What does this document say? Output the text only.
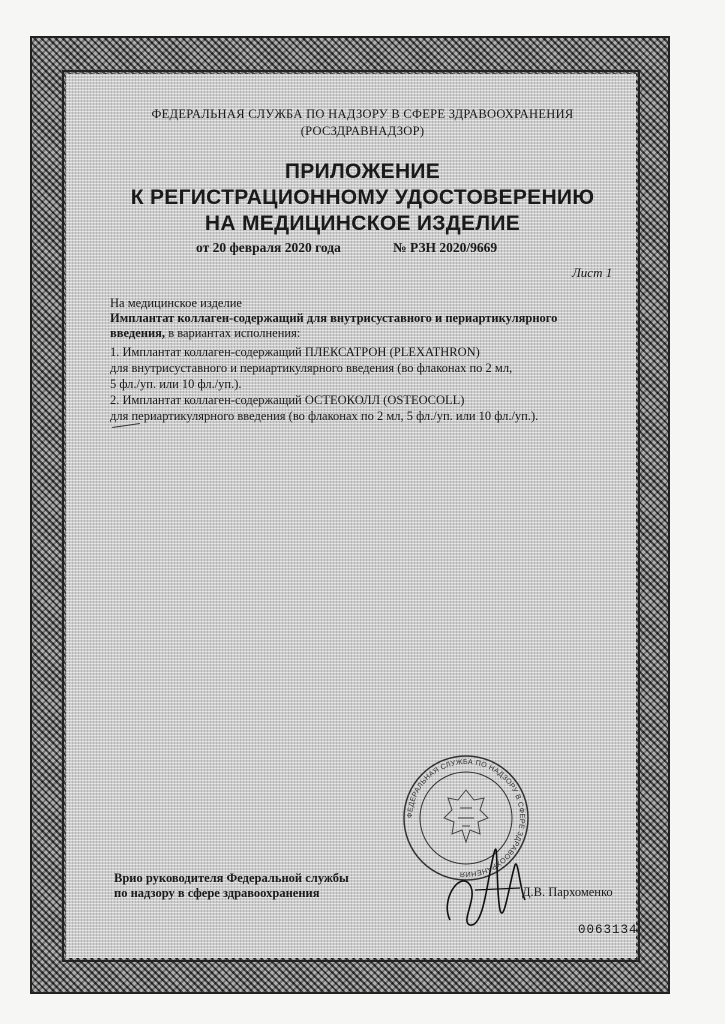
ФЕДЕРАЛЬНАЯ СЛУЖБА ПО НАДЗОРУ В СФЕРЕ ЗДРАВООХРАНЕНИЯ
(РОСЗДРАВНАДЗОР)
ПРИЛОЖЕНИЕ
К РЕГИСТРАЦИОННОМУ УДОСТОВЕРЕНИЮ
НА МЕДИЦИНСКОЕ ИЗДЕЛИЕ
от 20 февраля 2020 года	№ РЗН 2020/9669
Лист 1
На медицинское изделие
Имплантат коллаген-содержащий для внутрисуставного и периартикулярного
введения, в вариантах исполнения:
1. Имплантат коллаген-содержащий ПЛЕКСАТРОН (PLEXATHRON)
для внутрисуставного и периартикулярного введения (во флаконах по 2 мл,
5 фл./уп. или 10 фл./уп.).
2. Имплантат коллаген-содержащий ОСТЕОКОЛЛ (OSTEOCOLL)
для периартикулярного введения (во флаконах по 2 мл, 5 фл./уп. или 10 фл./уп.).
ФЕДЕРАЛЬНАЯ СЛУЖБА ПО НАДЗОРУ В СФЕРЕ ЗДРАВООХРАНЕНИЯ
Врио руководителя Федеральной службы
по надзору в сфере здравоохранения	Д.В. Пархоменко
0063134
